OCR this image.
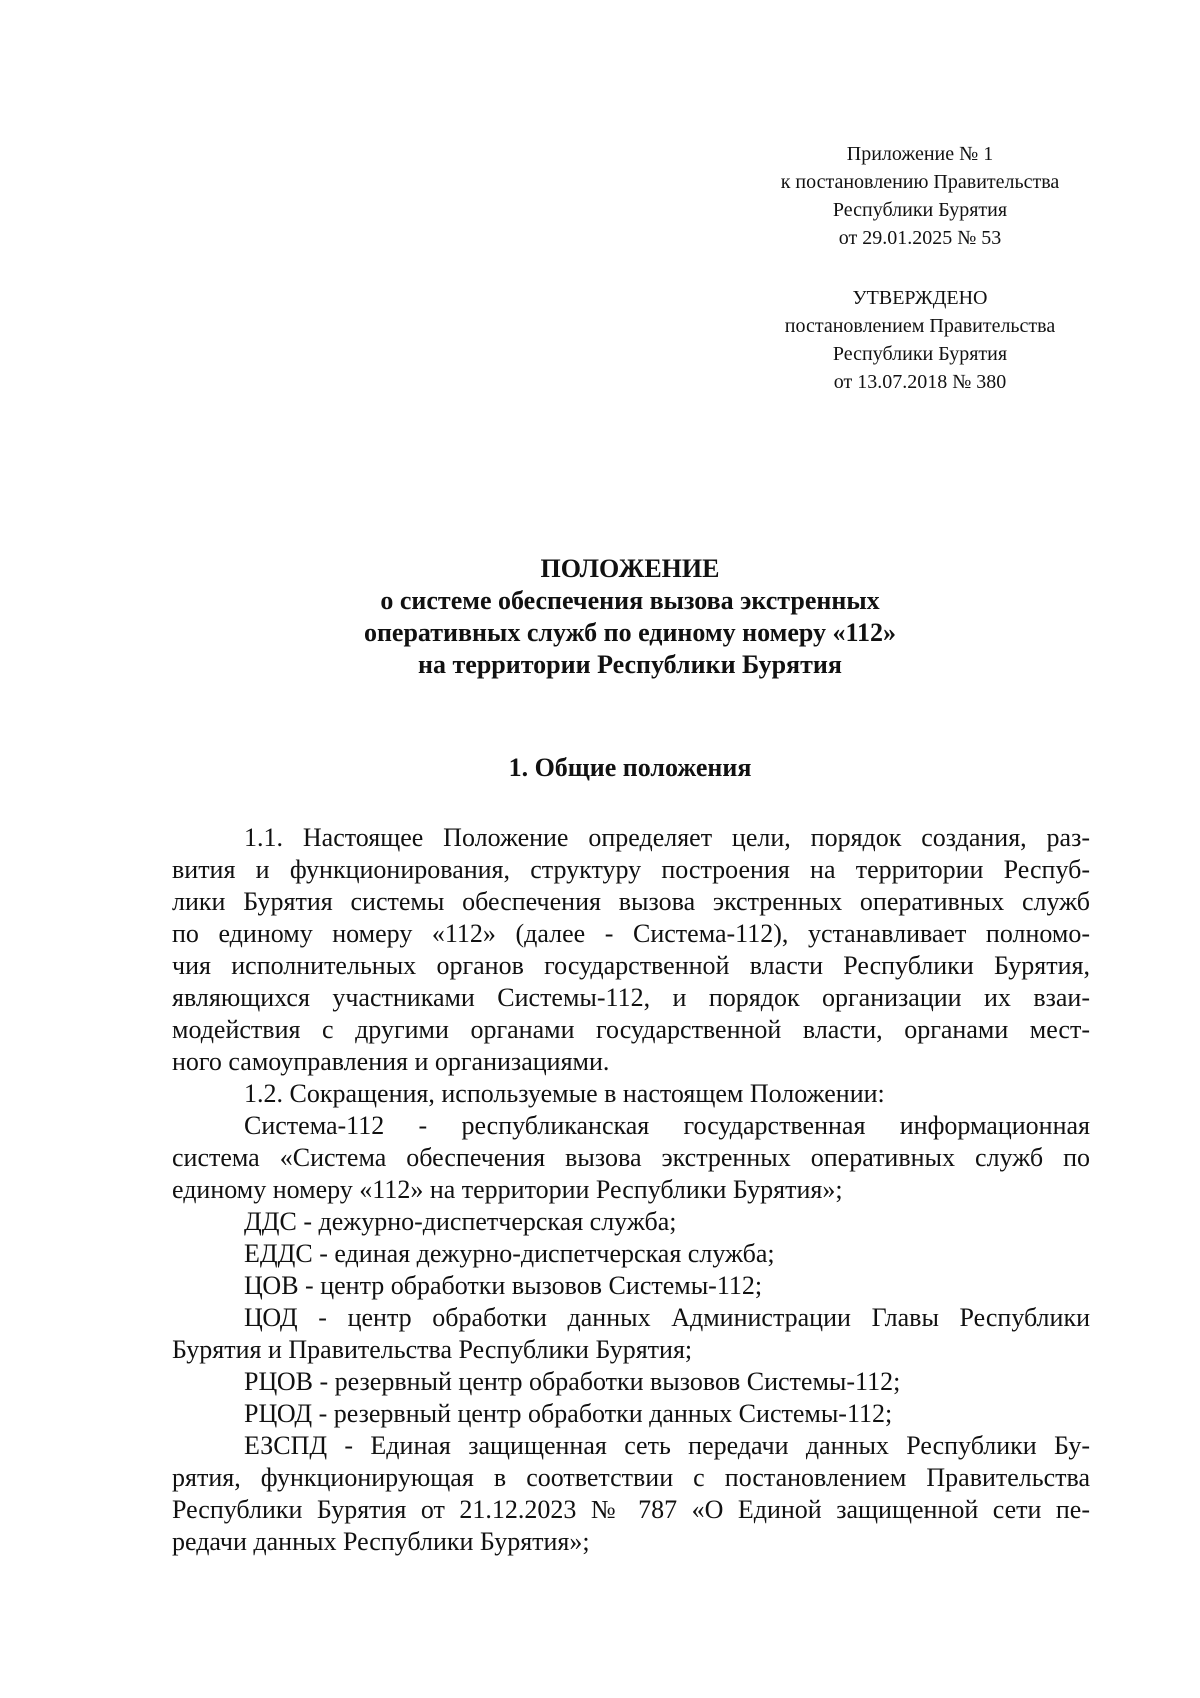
Приложение № 1
к постановлению Правительства
Республики Бурятия
от 29.01.2025 № 53
УТВЕРЖДЕНО
постановлением Правительства
Республики Бурятия
от 13.07.2018 № 380
ПОЛОЖЕНИЕ
о системе обеспечения вызова экстренных
оперативных служб по единому номеру «112»
на территории Республики Бурятия
1. Общие положения
1.1. Настоящее Положение определяет цели, порядок создания, раз-
вития и функционирования, структуру построения на территории Респуб-
лики Бурятия системы обеспечения вызова экстренных оперативных служб
по единому номеру «112» (далее - Система-112), устанавливает полномо-
чия исполнительных органов государственной власти Республики Бурятия,
являющихся участниками Системы-112, и порядок организации их взаи-
модействия с другими органами государственной власти, органами мест-
ного самоуправления и организациями.
1.2. Сокращения, используемые в настоящем Положении:
Система-112 - республиканская государственная информационная
система «Система обеспечения вызова экстренных оперативных служб по
единому номеру «112» на территории Республики Бурятия»;
ДДС - дежурно-диспетчерская служба;
ЕДДС - единая дежурно-диспетчерская служба;
ЦОВ - центр обработки вызовов Системы-112;
ЦОД - центр обработки данных Администрации Главы Республики
Бурятия и Правительства Республики Бурятия;
РЦОВ - резервный центр обработки вызовов Системы-112;
РЦОД - резервный центр обработки данных Системы-112;
ЕЗСПД - Единая защищенная сеть передачи данных Республики Бу-
рятия, функционирующая в соответствии с постановлением Правительства
Республики Бурятия от 21.12.2023 № 787 «О Единой защищенной сети пе-
редачи данных Республики Бурятия»;
